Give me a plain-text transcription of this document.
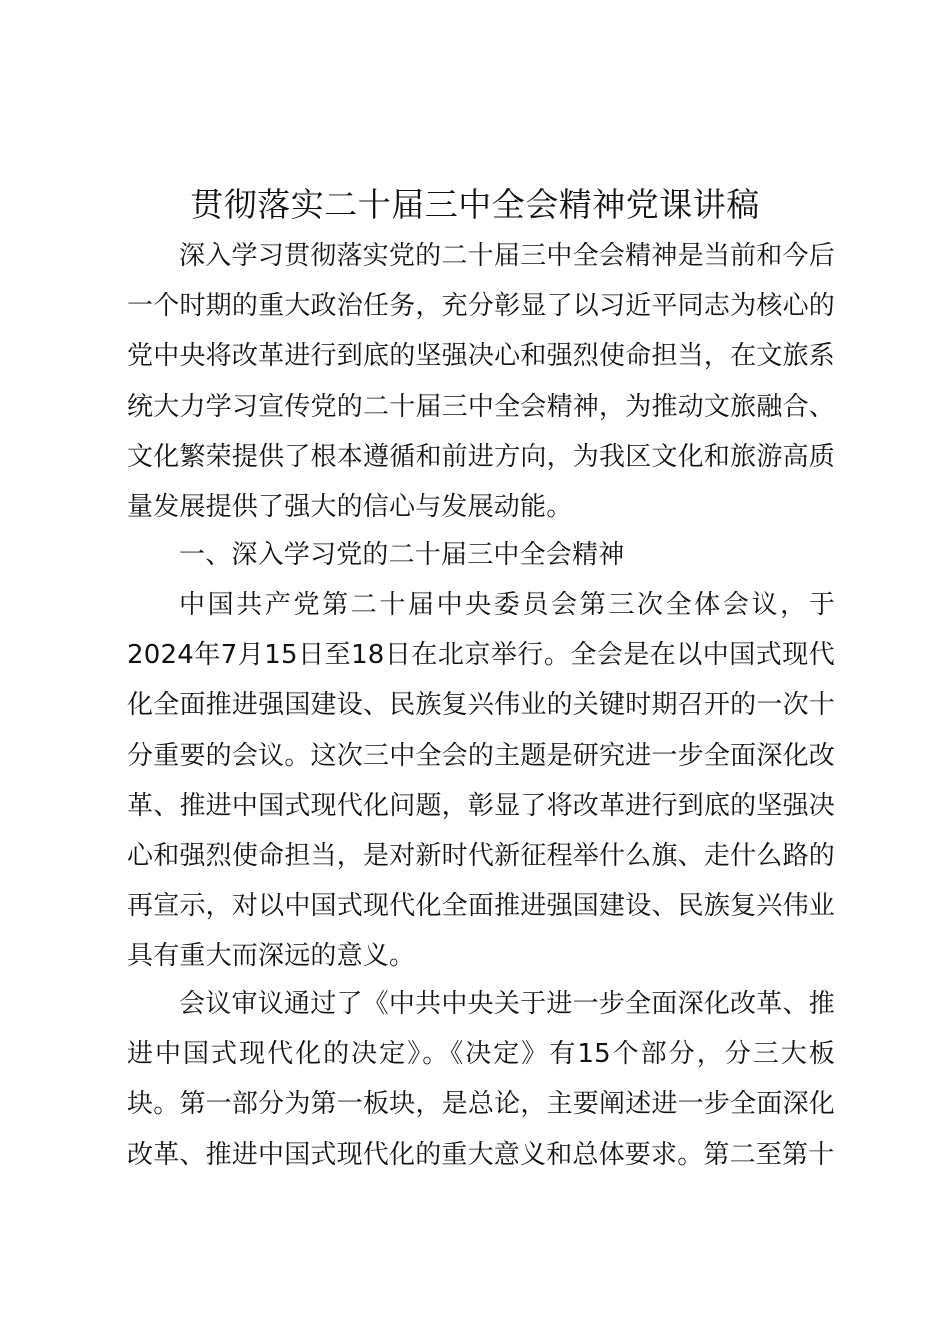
贯彻落实二十届三中全会精神党课讲稿

深入学习贯彻落实党的二十届三中全会精神是当前和今后一个时期的重大政治任务，充分彰显了以习近平同志为核心的党中央将改革进行到底的坚强决心和强烈使命担当，在文旅系统大力学习宣传党的二十届三中全会精神，为推动文旅融合、文化繁荣提供了根本遵循和前进方向，为我区文化和旅游高质量发展提供了强大的信心与发展动能。

一、深入学习党的二十届三中全会精神

中国共产党第二十届中央委员会第三次全体会议，于2024年7月15日至18日在北京举行。全会是在以中国式现代化全面推进强国建设、民族复兴伟业的关键时期召开的一次十分重要的会议。这次三中全会的主题是研究进一步全面深化改革、推进中国式现代化问题，彰显了将改革进行到底的坚强决心和强烈使命担当，是对新时代新征程举什么旗、走什么路的再宣示，对以中国式现代化全面推进强国建设、民族复兴伟业具有重大而深远的意义。

会议审议通过了《中共中央关于进一步全面深化改革、推进中国式现代化的决定》。《决定》有15个部分，分三大板块。第一部分为第一板块，是总论，主要阐述进一步全面深化改革、推进中国式现代化的重大意义和总体要求。第二至第十
